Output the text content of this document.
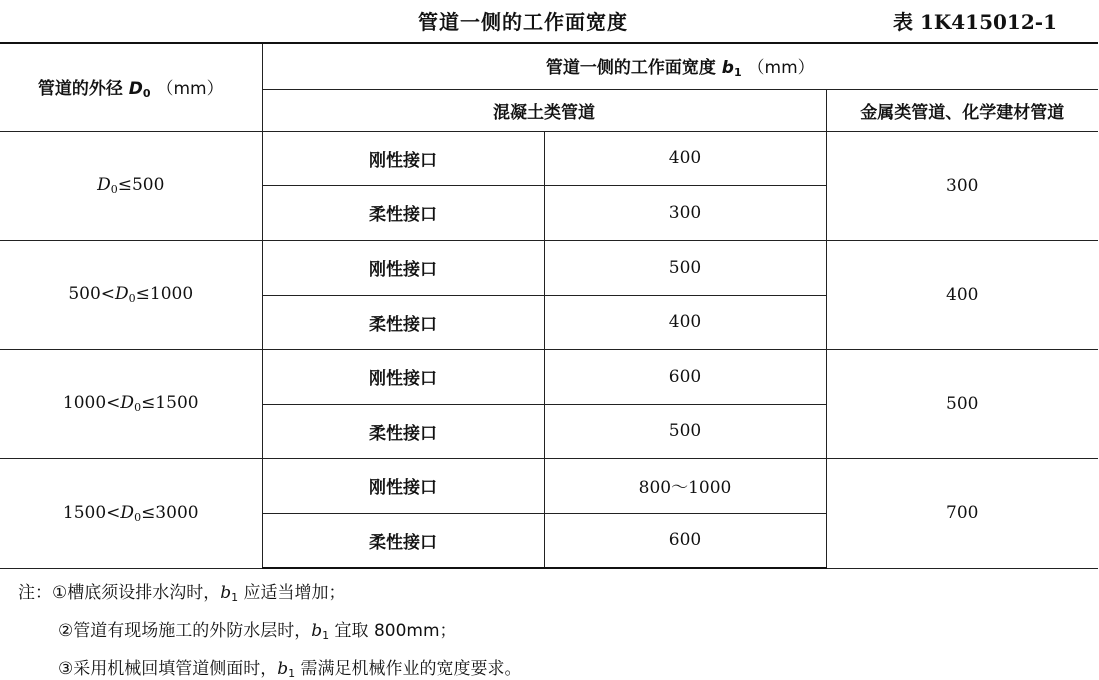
管道一侧的工作面宽度	表 1K415012-1
管道的外径 $D_0$ （mm）	管道一侧的工作面宽度 $b_1$ （mm）		
	混凝土类管道		金属类管道、化学建材管道
$D_0\le 500$	刚性接口	400	300
	柔性接口	300	
$500<D_0\le 1000$	刚性接口	500	400
	柔性接口	400	
$1000<D_0\le 1500$	刚性接口	600	500
	柔性接口	500	
$1500<D_0\le 3000$	刚性接口	800～1000	700
	柔性接口	600	
注：①槽底须设排水沟时，$b_1$ 应适当增加；
②管道有现场施工的外防水层时，$b_1$ 宜取 800mm；
③采用机械回填管道侧面时，$b_1$ 需满足机械作业的宽度要求。
